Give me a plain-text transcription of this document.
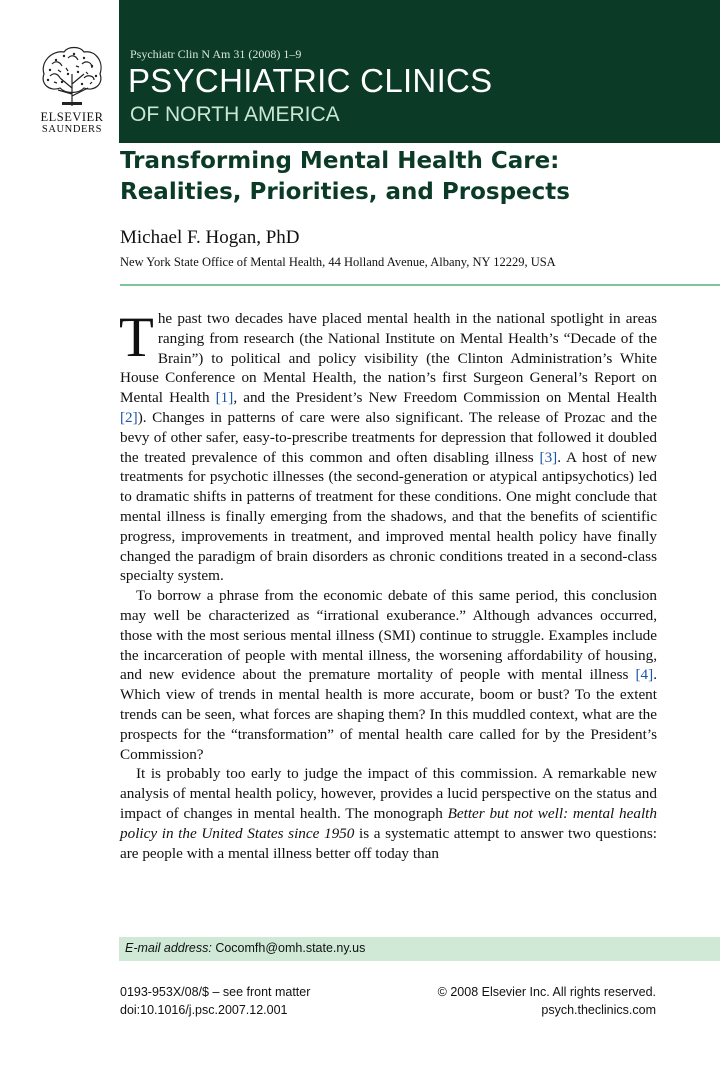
ELSEVIER
SAUNDERS
Psychiatr Clin N Am 31 (2008) 1–9
PSYCHIATRIC CLINICS
OF NORTH AMERICA
Transforming Mental Health Care:
Realities, Priorities, and Prospects
Michael F. Hogan, PhD
New York State Office of Mental Health, 44 Holland Avenue, Albany, NY 12229, USA

The past two decades have placed mental health in the national spotlight in areas ranging from research (the National Institute on Mental Health’s “Decade of the Brain”) to political and policy visibility (the Clinton Administration’s White House Conference on Mental Health, the nation’s first Surgeon General’s Report on Mental Health [1], and the President’s New Freedom Commission on Mental Health [2]). Changes in patterns of care were also significant. The release of Prozac and the bevy of other safer, easy-to-prescribe treatments for depression that followed it doubled the treated prevalence of this common and often disabling illness [3]. A host of new treatments for psychotic illnesses (the second-generation or atypical antipsychotics) led to dramatic shifts in patterns of treatment for these conditions. One might conclude that mental illness is finally emerging from the shadows, and that the benefits of scientific progress, improvements in treatment, and improved mental health policy have finally changed the paradigm of brain disorders as chronic conditions treated in a second-class specialty system.

To borrow a phrase from the economic debate of this same period, this conclusion may well be characterized as “irrational exuberance.” Although advances occurred, those with the most serious mental illness (SMI) continue to struggle. Examples include the incarceration of people with mental illness, the worsening affordability of housing, and new evidence about the premature mortality of people with mental illness [4]. Which view of trends in mental health is more accurate, boom or bust? To the extent trends can be seen, what forces are shaping them? In this muddled context, what are the prospects for the “transformation” of mental health care called for by the President’s Commission?

It is probably too early to judge the impact of this commission. A remarkable new analysis of mental health policy, however, provides a lucid perspective on the status and impact of changes in mental health. The monograph Better but not well: mental health policy in the United States since 1950 is a systematic attempt to answer two questions: are people with a mental illness better off today than

E-mail address: Cocomfh@omh.state.ny.us
0193-953X/08/$ – see front matter
doi:10.1016/j.psc.2007.12.001
© 2008 Elsevier Inc. All rights reserved.
psych.theclinics.com
